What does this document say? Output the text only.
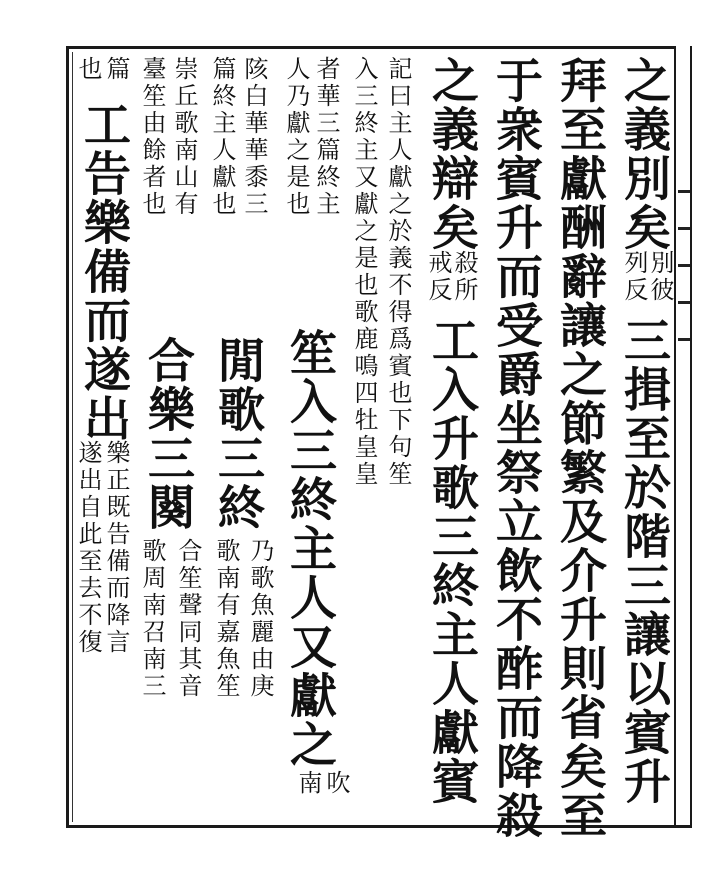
之義別矣
別彼
列反
三揖至於階三讓以賓升
拜至獻酬辭讓之節繁及介升則省矣至
于衆賓升而受爵坐祭立飲不酢而降殺
之義辯矣
殺所
戒反
工入升歌三終主人獻賓
記曰主人獻之於義不得爲賓也下句笙
入三終主又獻之是也歌鹿鳴四牡皇皇
者華三篇終主
人乃獻之是也
笙入三終主人又獻之
吹
南
陔白華華黍三
篇終主人獻也
閒歌三終
乃歌魚麗由庚
歌南有嘉魚笙
崇丘歌南山有
臺笙由餘者也
合樂三闋
合笙聲同其音
歌周南召南三
篇
也
工告樂備而遂出
樂正既告備而降言
遂出自此至去不復
